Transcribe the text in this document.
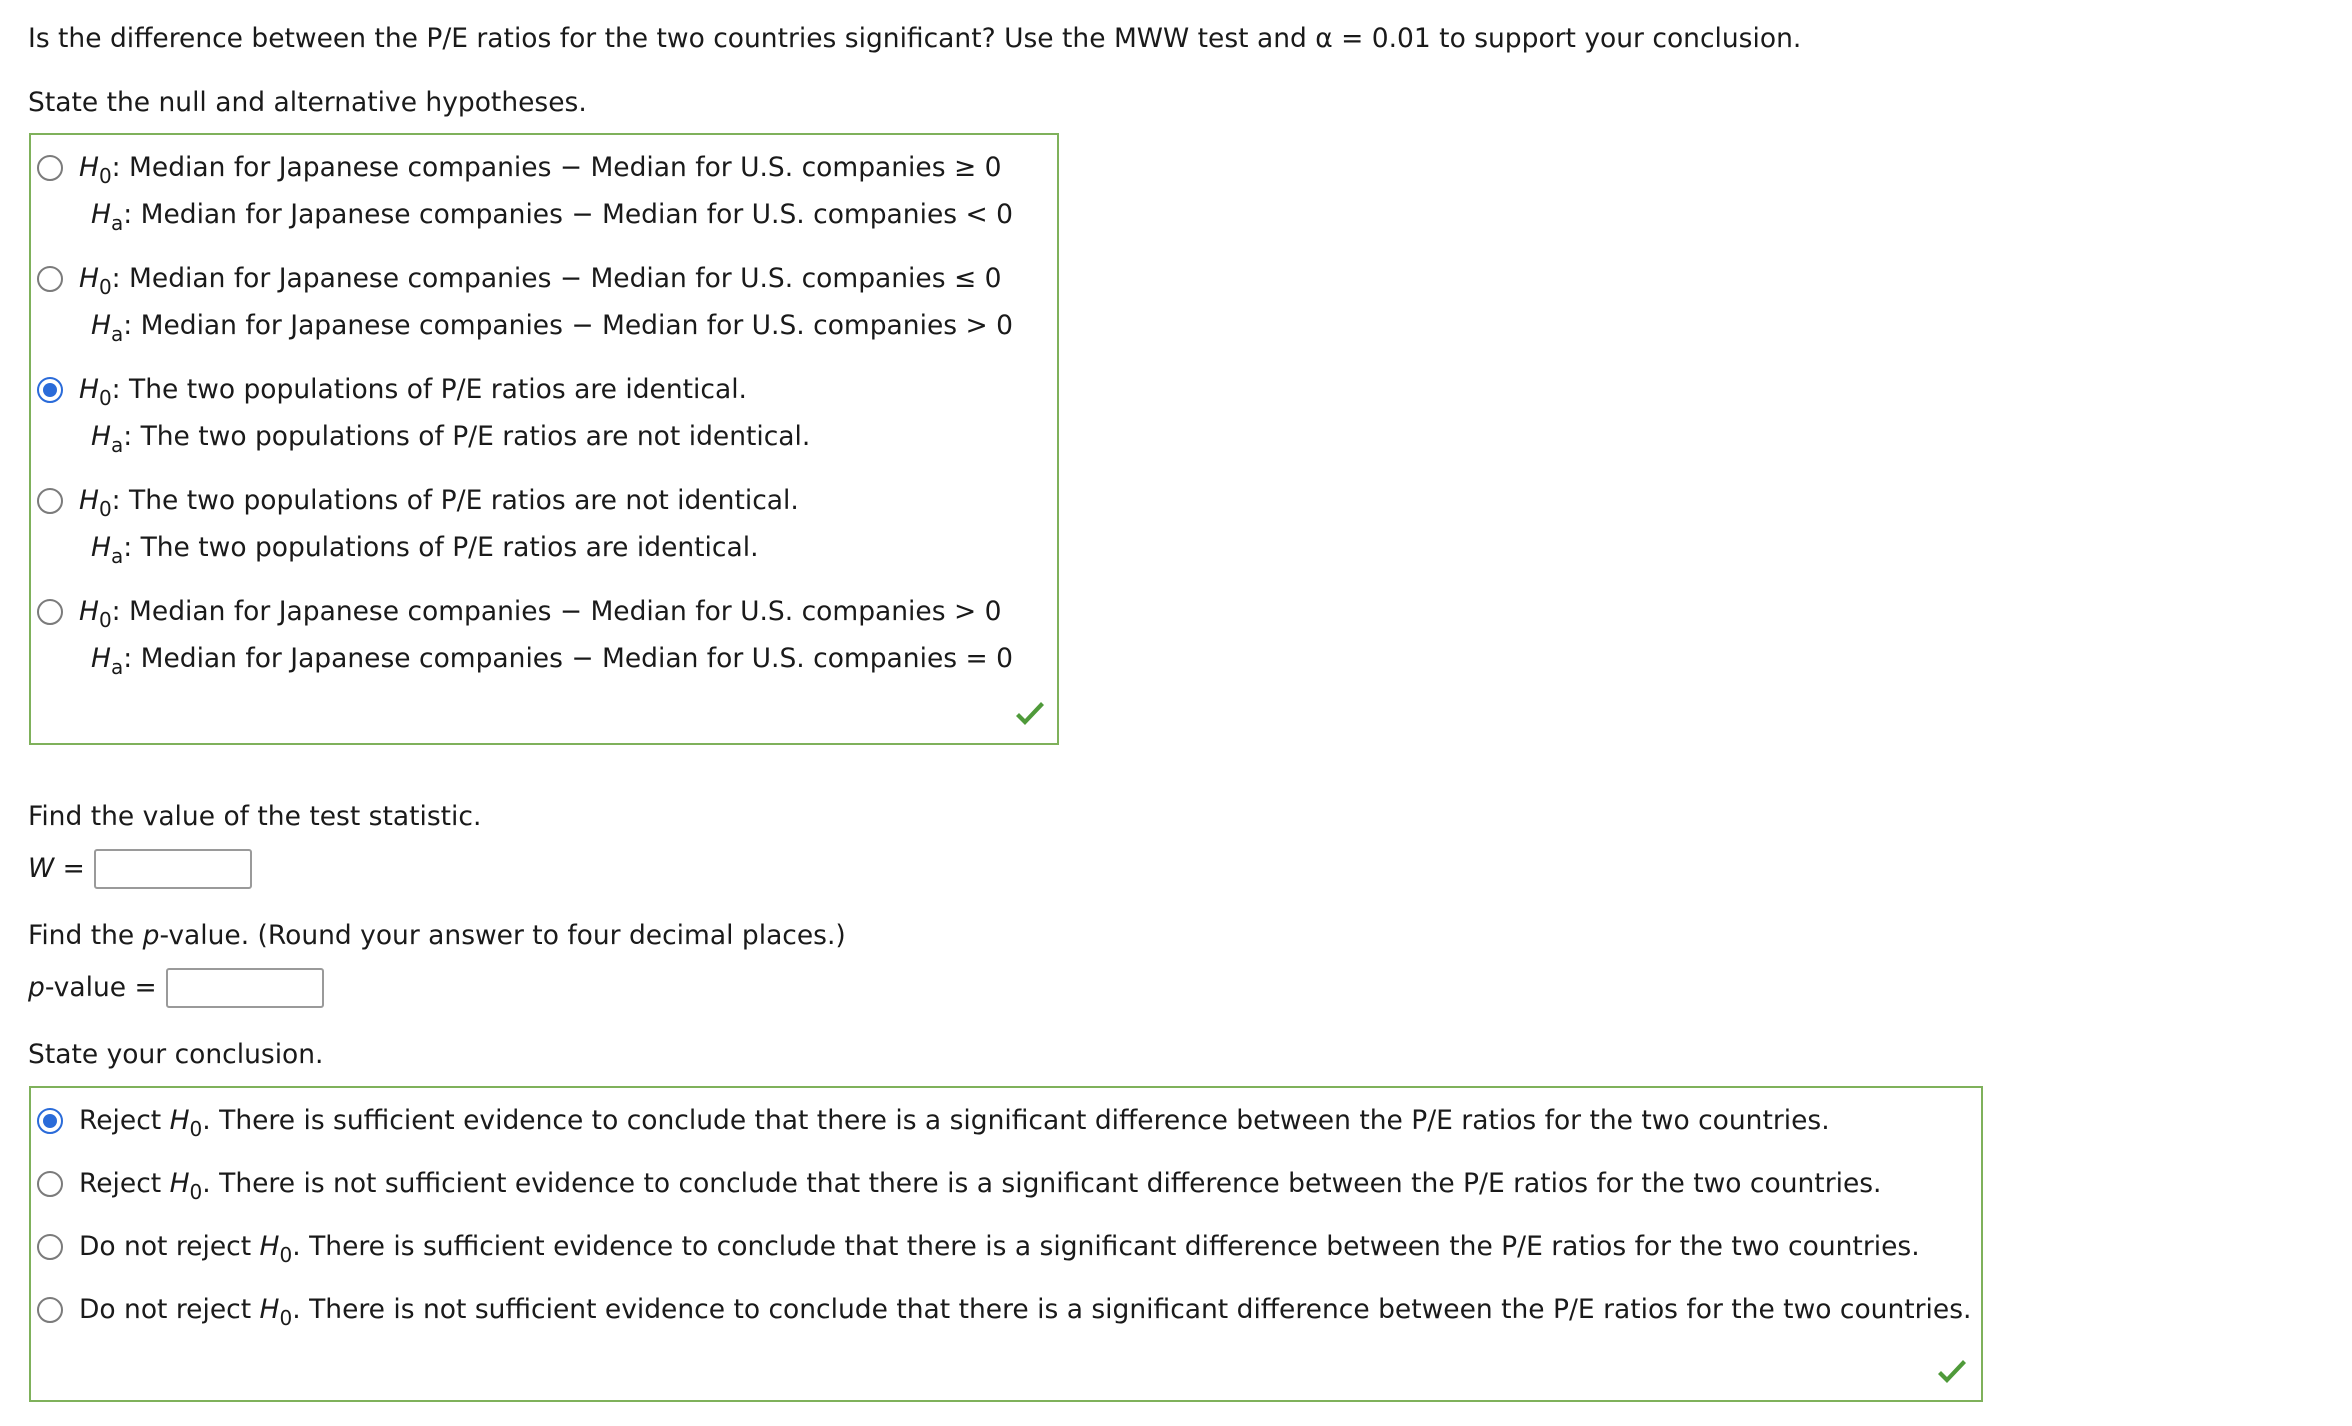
Is the difference between the P/E ratios for the two countries significant? Use the MWW test and α = 0.01 to support your conclusion.
State the null and alternative hypotheses.
$H_0$: Median for Japanese companies − Median for U.S. companies ≥ 0
$H_a$: Median for Japanese companies − Median for U.S. companies < 0
$H_0$: Median for Japanese companies − Median for U.S. companies ≤ 0
$H_a$: Median for Japanese companies − Median for U.S. companies > 0
$H_0$: The two populations of P/E ratios are identical.
$H_a$: The two populations of P/E ratios are not identical.
$H_0$: The two populations of P/E ratios are not identical.
$H_a$: The two populations of P/E ratios are identical.
$H_0$: Median for Japanese companies − Median for U.S. companies > 0
$H_a$: Median for Japanese companies − Median for U.S. companies = 0
Find the value of the test statistic.
W =
Find the p-value. (Round your answer to four decimal places.)
p-value =
State your conclusion.
Reject $H_0$. There is sufficient evidence to conclude that there is a significant difference between the P/E ratios for the two countries.
Reject $H_0$. There is not sufficient evidence to conclude that there is a significant difference between the P/E ratios for the two countries.
Do not reject $H_0$. There is sufficient evidence to conclude that there is a significant difference between the P/E ratios for the two countries.
Do not reject $H_0$. There is not sufficient evidence to conclude that there is a significant difference between the P/E ratios for the two countries.
